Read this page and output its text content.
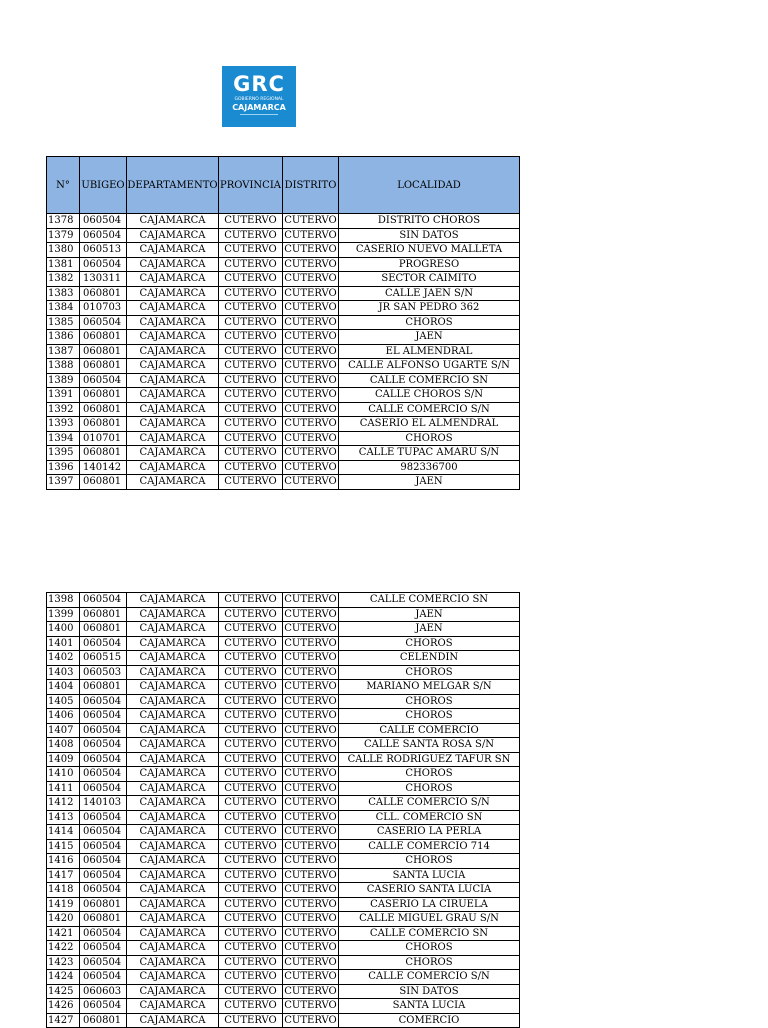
GRC
GOBIERNO REGIONAL
CAJAMARCA
N°	UBIGEO	DEPARTAMENTO	PROVINCIA	DISTRITO	LOCALIDAD
1378	060504	CAJAMARCA	CUTERVO	CUTERVO	DISTRITO CHOROS
1379	060504	CAJAMARCA	CUTERVO	CUTERVO	SIN DATOS
1380	060513	CAJAMARCA	CUTERVO	CUTERVO	CASERIO NUEVO MALLETA
1381	060504	CAJAMARCA	CUTERVO	CUTERVO	PROGRESO
1382	130311	CAJAMARCA	CUTERVO	CUTERVO	SECTOR CAIMITO
1383	060801	CAJAMARCA	CUTERVO	CUTERVO	CALLE JAEN S/N
1384	010703	CAJAMARCA	CUTERVO	CUTERVO	JR SAN PEDRO 362
1385	060504	CAJAMARCA	CUTERVO	CUTERVO	CHOROS
1386	060801	CAJAMARCA	CUTERVO	CUTERVO	JAEN
1387	060801	CAJAMARCA	CUTERVO	CUTERVO	EL ALMENDRAL
1388	060801	CAJAMARCA	CUTERVO	CUTERVO	CALLE ALFONSO UGARTE S/N
1389	060504	CAJAMARCA	CUTERVO	CUTERVO	CALLE COMERCIO SN
1391	060801	CAJAMARCA	CUTERVO	CUTERVO	CALLE CHOROS S/N
1392	060801	CAJAMARCA	CUTERVO	CUTERVO	CALLE COMERCIO S/N
1393	060801	CAJAMARCA	CUTERVO	CUTERVO	CASERIO EL ALMENDRAL
1394	010701	CAJAMARCA	CUTERVO	CUTERVO	CHOROS
1395	060801	CAJAMARCA	CUTERVO	CUTERVO	CALLE TUPAC AMARU S/N
1396	140142	CAJAMARCA	CUTERVO	CUTERVO	982336700
1397	060801	CAJAMARCA	CUTERVO	CUTERVO	JAEN
1398	060504	CAJAMARCA	CUTERVO	CUTERVO	CALLE COMERCIO SN
1399	060801	CAJAMARCA	CUTERVO	CUTERVO	JAEN
1400	060801	CAJAMARCA	CUTERVO	CUTERVO	JAEN
1401	060504	CAJAMARCA	CUTERVO	CUTERVO	CHOROS
1402	060515	CAJAMARCA	CUTERVO	CUTERVO	CELENDIN
1403	060503	CAJAMARCA	CUTERVO	CUTERVO	CHOROS
1404	060801	CAJAMARCA	CUTERVO	CUTERVO	MARIANO MELGAR S/N
1405	060504	CAJAMARCA	CUTERVO	CUTERVO	CHOROS
1406	060504	CAJAMARCA	CUTERVO	CUTERVO	CHOROS
1407	060504	CAJAMARCA	CUTERVO	CUTERVO	CALLE COMERCIO
1408	060504	CAJAMARCA	CUTERVO	CUTERVO	CALLE SANTA ROSA S/N
1409	060504	CAJAMARCA	CUTERVO	CUTERVO	CALLE RODRIGUEZ TAFUR SN
1410	060504	CAJAMARCA	CUTERVO	CUTERVO	CHOROS
1411	060504	CAJAMARCA	CUTERVO	CUTERVO	CHOROS
1412	140103	CAJAMARCA	CUTERVO	CUTERVO	CALLE COMERCIO S/N
1413	060504	CAJAMARCA	CUTERVO	CUTERVO	CLL. COMERCIO SN
1414	060504	CAJAMARCA	CUTERVO	CUTERVO	CASERIO LA PERLA
1415	060504	CAJAMARCA	CUTERVO	CUTERVO	CALLE COMERCIO 714
1416	060504	CAJAMARCA	CUTERVO	CUTERVO	CHOROS
1417	060504	CAJAMARCA	CUTERVO	CUTERVO	SANTA LUCIA
1418	060504	CAJAMARCA	CUTERVO	CUTERVO	CASERIO SANTA LUCIA
1419	060801	CAJAMARCA	CUTERVO	CUTERVO	CASERIO LA CIRUELA
1420	060801	CAJAMARCA	CUTERVO	CUTERVO	CALLE MIGUEL GRAU S/N
1421	060504	CAJAMARCA	CUTERVO	CUTERVO	CALLE COMERCIO SN
1422	060504	CAJAMARCA	CUTERVO	CUTERVO	CHOROS
1423	060504	CAJAMARCA	CUTERVO	CUTERVO	CHOROS
1424	060504	CAJAMARCA	CUTERVO	CUTERVO	CALLE COMERCIO S/N
1425	060603	CAJAMARCA	CUTERVO	CUTERVO	SIN DATOS
1426	060504	CAJAMARCA	CUTERVO	CUTERVO	SANTA LUCIA
1427	060801	CAJAMARCA	CUTERVO	CUTERVO	COMERCIO
